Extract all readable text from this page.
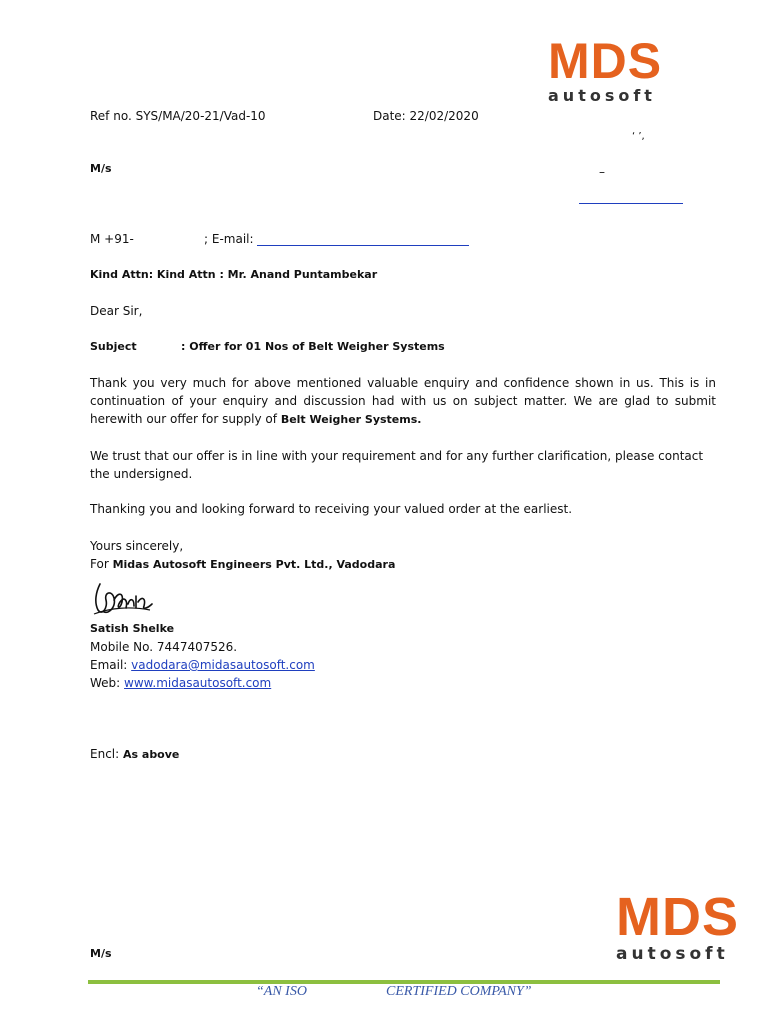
MDS
autosoft
Ref no. SYS/MA/20-21/Vad-10	Date: 22/02/2020
‘ ’,
M/s	–
M +91-	; E-mail:
Kind Attn: Kind Attn : Mr. Anand Puntambekar
Dear Sir,
Subject	: Offer for 01 Nos of Belt Weigher Systems
Thank you very much for above mentioned valuable enquiry and confidence shown in us. This is in continuation of your enquiry and discussion had with us on subject matter. We are glad to submit herewith our offer for supply of Belt Weigher Systems.
We trust that our offer is in line with your requirement and for any further clarification, please contact the undersigned.
Thanking you and looking forward to receiving your valued order at the earliest.
Yours sincerely,
For Midas Autosoft Engineers Pvt. Ltd., Vadodara
Satish Shelke
Mobile No. 7447407526.
Email: vadodara@midasautosoft.com
Web: www.midasautosoft.com
Encl: As above
MDS
autosoft
M/s
“AN ISO	CERTIFIED COMPANY”
